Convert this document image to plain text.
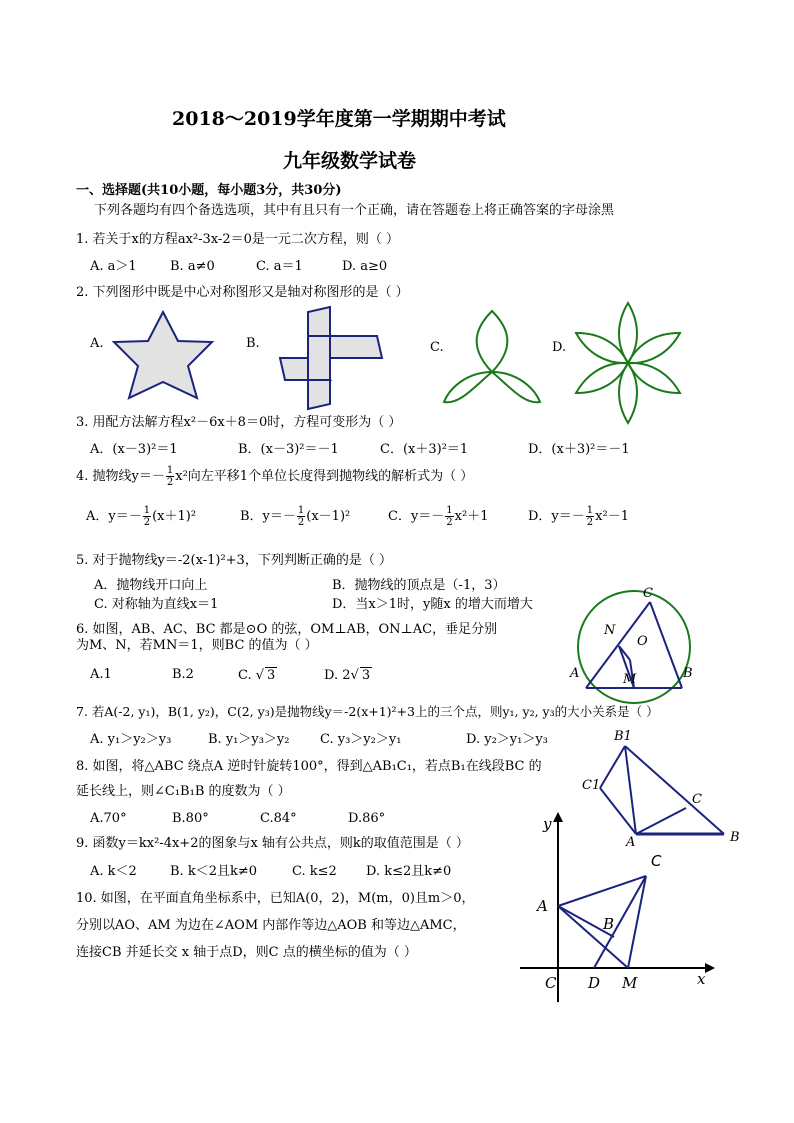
2018～2019学年度第一学期期中考试
九年级数学试卷
一、选择题(共10小题，每小题3分，共30分)
下列各题均有四个备选选项，其中有且只有一个正确，请在答题卷上将正确答案的字母涂黑
1. 若关于x的方程ax²-3x-2＝0是一元二次方程，则（ ）
A. a＞1	B. a≠0	C. a＝1	D. a≥0
2. 下列图形中既是中心对称图形又是轴对称图形的是（ ）
A.	B.	C.	D.
3. 用配方法解方程x²－6x＋8＝0时，方程可变形为（ ）
A．(x－3)²＝1	B．(x－3)²＝－1	C．(x＋3)²＝1	D．(x＋3)²＝－1
4. 抛物线$y=- \frac{1}{2} x^2$向左平移1个单位长度得到抛物线的解析式为（ ）
A．$y=- \frac{1}{2} (x+1)^2$	B．$y=- \frac{1}{2} (x-1)^2$	C．$y=- \frac{1}{2} x^2+1$	D．$y=- \frac{1}{2} x^2-1$
5. 对于抛物线y＝-2(x-1)²+3，下列判断正确的是（ ）
A．抛物线开口向上	B．抛物线的顶点是（-1，3）
C. 对称轴为直线x＝1	D．当x＞1时，y随x 的增大而增大
6. 如图，AB、AC、BC 都是⊙O 的弦，OM⊥AB，ON⊥AC，垂足分别
为M、N，若MN＝1，则BC 的值为（ ）
A.1	B.2	C. √ 3	D. 2√ 3
C
N
O
A	M	B
7. 若A(-2, y₁)，B(1, y₂)，C(2, y₃)是抛物线y＝-2(x+1)²+3上的三个点，则y₁, y₂, y₃的大小关系是（ ）
A. y₁＞y₂＞y₃	B. y₁＞y₃＞y₂ C. y₃＞y₂＞y₁	D. y₂＞y₁＞y₃
8. 如图，将△ABC 绕点A 逆时针旋转100°，得到△AB₁C₁，若点B₁在线段BC 的
延长线上，则∠C₁B₁B 的度数为（ ）
A.70°	B.80°	C.84°	D.86°
B1
C1
C
A	B
9. 函数y＝kx²-4x+2的图象与x 轴有公共点，则k的取值范围是（ ）
A. k＜2	B. k＜2且k≠0	C. k≤2 D. k≤2且k≠0
10. 如图，在平面直角坐标系中，已知A(0，2)，M(m，0)且m＞0，
分别以AO、AM 为边在∠AOM 内部作等边△AOB 和等边△AMC，
连接CB 并延长交 x 轴于点D，则C 点的横坐标的值为（ ）
y
C
A
B
C D M	x
